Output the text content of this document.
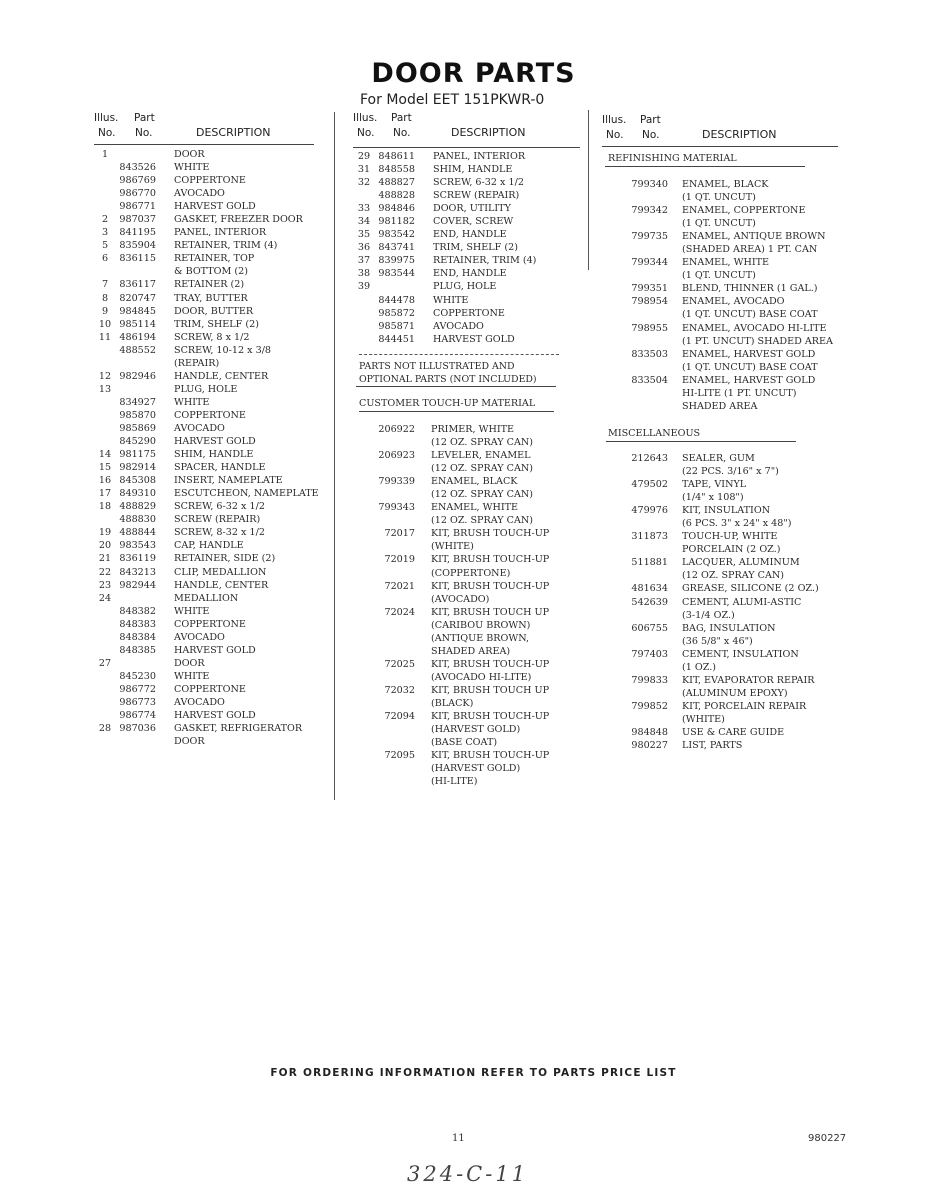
DOOR PARTS
For Model EET 151PKWR-0
Illus. Part
No. No.	DESCRIPTION
Illus. Part
No. No.	DESCRIPTION
Illus. Part
No. No.	DESCRIPTION
1	DOOR
843526 WHITE
986769 COPPERTONE
986770 AVOCADO
986771 HARVEST GOLD
2	987037 GASKET, FREEZER DOOR
3	841195 PANEL, INTERIOR
5	835904 RETAINER, TRIM (4)
6	836115 RETAINER, TOP
& BOTTOM (2)
7	836117 RETAINER (2)
8	820747 TRAY, BUTTER
9	984845 DOOR, BUTTER
10 985114 TRIM, SHELF (2)
11 486194 SCREW, 8 x 1/2
488552 SCREW, 10-12 x 3/8
(REPAIR)
12 982946 HANDLE, CENTER
13	PLUG, HOLE
834927 WHITE
985870 COPPERTONE
985869 AVOCADO
845290 HARVEST GOLD
14 981175 SHIM, HANDLE
15 982914 SPACER, HANDLE
16 845308 INSERT, NAMEPLATE
17 849310 ESCUTCHEON, NAMEPLATE
18 488829 SCREW, 6-32 x 1/2
488830 SCREW (REPAIR)
19 488844 SCREW, 8-32 x 1/2
20 983543 CAP, HANDLE
21 836119 RETAINER, SIDE (2)
22 843213 CLIP, MEDALLION
23 982944 HANDLE, CENTER
24	MEDALLION
848382 WHITE
848383 COPPERTONE
848384 AVOCADO
848385 HARVEST GOLD
27	DOOR
845230 WHITE
986772 COPPERTONE
986773 AVOCADO
986774 HARVEST GOLD
28 987036 GASKET, REFRIGERATOR
DOOR
29 848611 PANEL, INTERIOR
31 848558 SHIM, HANDLE
32 488827 SCREW, 6-32 x 1/2
488828 SCREW (REPAIR)
33 984846 DOOR, UTILITY
34 981182 COVER, SCREW
35 983542 END, HANDLE
36 843741 TRIM, SHELF (2)
37 839975 RETAINER, TRIM (4)
38 983544 END, HANDLE
39	PLUG, HOLE
844478 WHITE
985872 COPPERTONE
985871 AVOCADO
844451 HARVEST GOLD
PARTS NOT ILLUSTRATED AND
OPTIONAL PARTS (NOT INCLUDED)
CUSTOMER TOUCH-UP MATERIAL
206922 PRIMER, WHITE
(12 OZ. SPRAY CAN)
206923 LEVELER, ENAMEL
(12 OZ. SPRAY CAN)
799339 ENAMEL, BLACK
(12 OZ. SPRAY CAN)
799343 ENAMEL, WHITE
(12 OZ. SPRAY CAN)
72017 KIT, BRUSH TOUCH-UP
(WHITE)
72019 KIT, BRUSH TOUCH-UP
(COPPERTONE)
72021 KIT, BRUSH TOUCH-UP
(AVOCADO)
72024 KIT, BRUSH TOUCH UP
(CARIBOU BROWN)
(ANTIQUE BROWN,
SHADED AREA)
72025 KIT, BRUSH TOUCH-UP
(AVOCADO HI-LITE)
72032 KIT, BRUSH TOUCH UP
(BLACK)
72094 KIT, BRUSH TOUCH-UP
(HARVEST GOLD)
(BASE COAT)
72095 KIT, BRUSH TOUCH-UP
(HARVEST GOLD)
(HI-LITE)
REFINISHING MATERIAL
799340 ENAMEL, BLACK
(1 QT. UNCUT)
799342 ENAMEL, COPPERTONE
(1 QT. UNCUT)
799735 ENAMEL, ANTIQUE BROWN
(SHADED AREA) 1 PT. CAN
799344 ENAMEL, WHITE
(1 QT. UNCUT)
799351 BLEND, THINNER (1 GAL.)
798954 ENAMEL, AVOCADO
(1 QT. UNCUT) BASE COAT
798955 ENAMEL, AVOCADO HI-LITE
(1 PT. UNCUT) SHADED AREA
833503 ENAMEL, HARVEST GOLD
(1 QT. UNCUT) BASE COAT
833504 ENAMEL, HARVEST GOLD
HI-LITE (1 PT. UNCUT)
SHADED AREA
MISCELLANEOUS
212643 SEALER, GUM
(22 PCS. 3/16" x 7")
479502 TAPE, VINYL
(1/4" x 108")
479976 KIT, INSULATION
(6 PCS. 3" x 24" x 48")
311873 TOUCH-UP, WHITE
PORCELAIN (2 OZ.)
511881 LACQUER, ALUMINUM
(12 OZ. SPRAY CAN)
481634 GREASE, SILICONE (2 OZ.)
542639 CEMENT, ALUMI-ASTIC
(3-1/4 OZ.)
606755 BAG, INSULATION
(36 5/8" x 46")
797403 CEMENT, INSULATION
(1 OZ.)
799833 KIT, EVAPORATOR REPAIR
(ALUMINUM EPOXY)
799852 KIT, PORCELAIN REPAIR
(WHITE)
984848 USE & CARE GUIDE
980227 LIST, PARTS
FOR ORDERING INFORMATION REFER TO PARTS PRICE LIST
11	980227
324-C-11
